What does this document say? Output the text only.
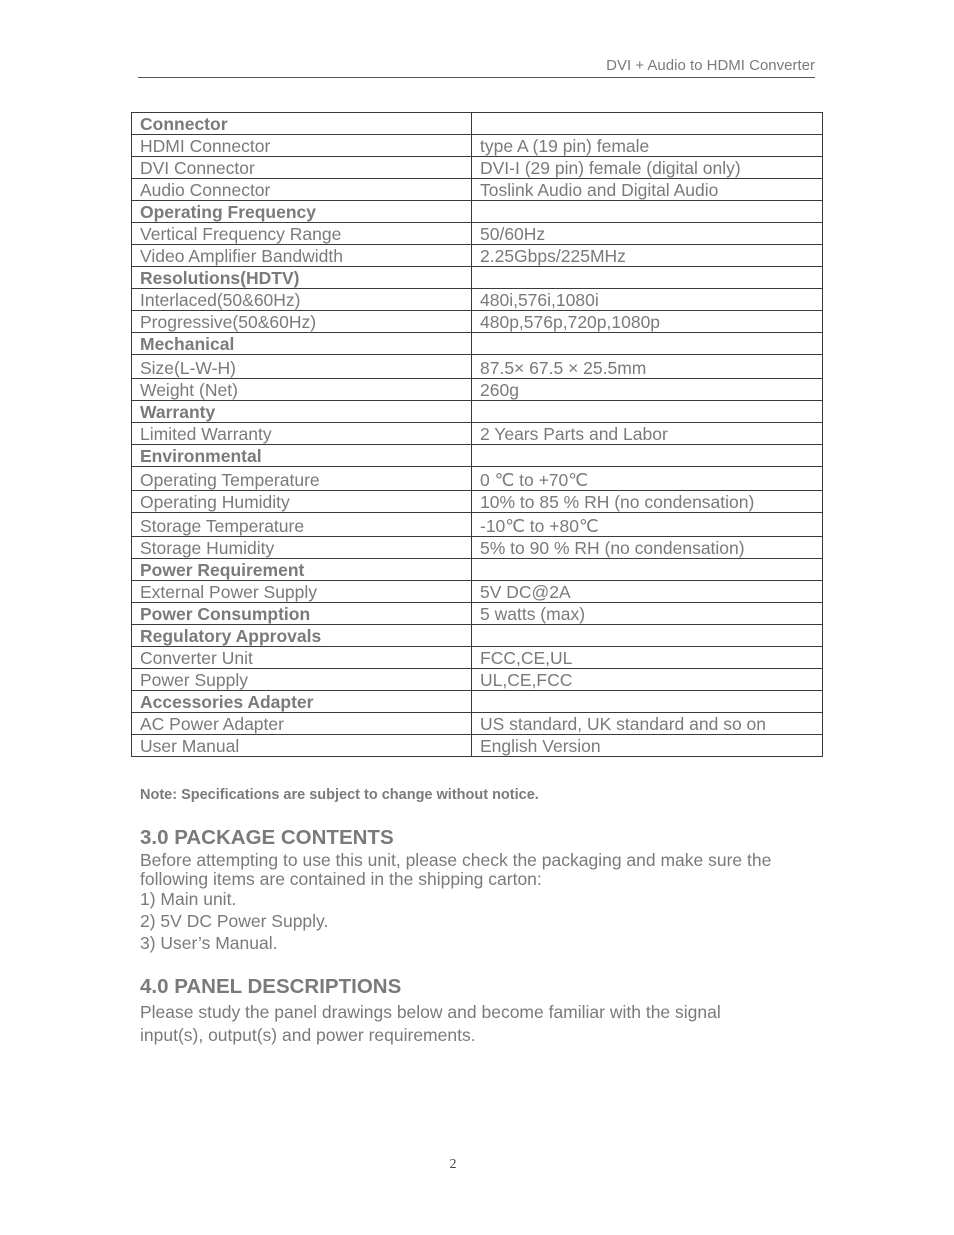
DVI + Audio to HDMI Converter
Connector	
HDMI Connector	type A (19 pin) female
DVI Connector	DVI-I (29 pin) female (digital only)
Audio Connector	Toslink Audio and Digital Audio
Operating Frequency	
Vertical Frequency Range	50/60Hz
Video Amplifier Bandwidth	2.25Gbps/225MHz
Resolutions(HDTV)	
Interlaced(50&60Hz)	480i,576i,1080i
Progressive(50&60Hz)	480p,576p,720p,1080p
Mechanical	
Size(L-W-H)	87.5× 67.5 × 25.5mm
Weight (Net)	260g
Warranty	
Limited Warranty	2 Years Parts and Labor
Environmental	
Operating Temperature	0 ℃ to +70℃
Operating Humidity	10% to 85 % RH (no condensation)
Storage Temperature	-10℃ to +80℃
Storage Humidity	5% to 90 % RH (no condensation)
Power Requirement	
External Power Supply	5V DC@2A
Power Consumption	5 watts (max)
Regulatory Approvals	
Converter Unit	FCC,CE,UL
Power Supply	UL,CE,FCC
Accessories Adapter	
AC Power Adapter	US standard, UK standard and so on
User Manual	English Version
Note: Specifications are subject to change without notice.
3.0 PACKAGE CONTENTS
Before attempting to use this unit, please check the packaging and make sure the following items are contained in the shipping carton:
1) Main unit.
2) 5V DC Power Supply.
3) User’s Manual.
4.0 PANEL DESCRIPTIONS
Please study the panel drawings below and become familiar with the signal input(s), output(s) and power requirements.
2
